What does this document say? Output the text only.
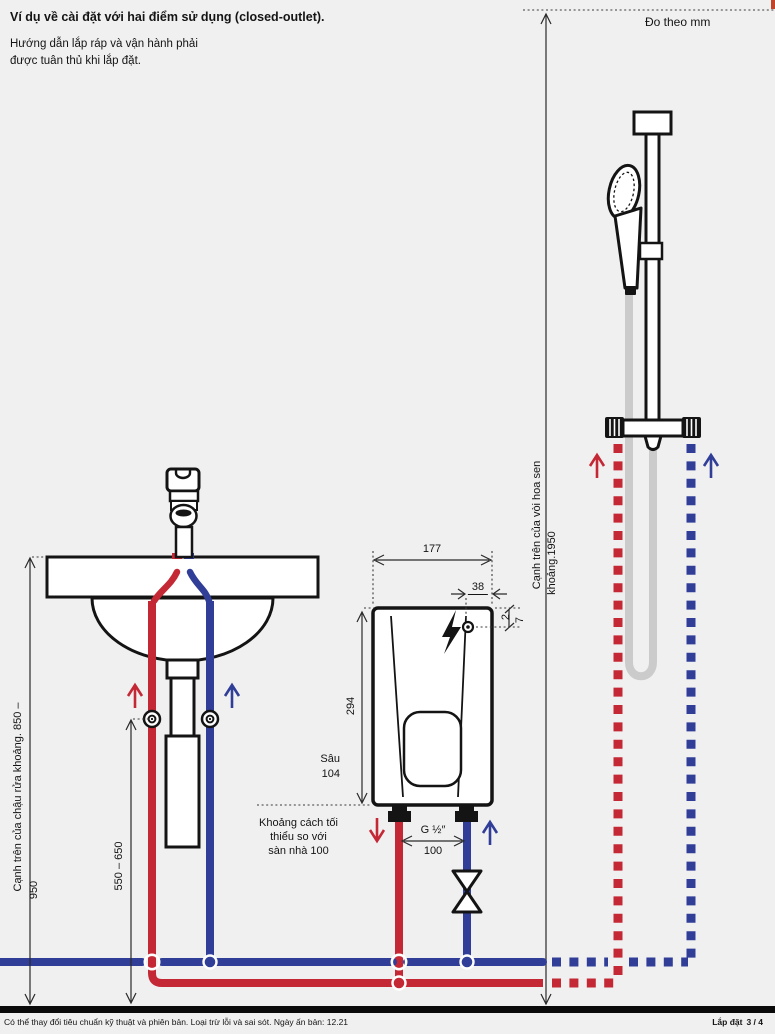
Ví dụ về cài đặt với hai điểm sử dụng (closed-outlet).
Hướng dẫn lắp ráp và vận hành phải
được tuân thủ khi lắp đặt.
Đo theo mm
177
38
294
2 7
Sâu
104
Khoảng cách tối
thiểu so với
sàn nhà 100
G ½″
100
Cạnh trên của chậu rửa khoảng. 850 – 950	550 – 650
Cạnh trên của vòi hoa sen khoảng.1950
Có thể thay đổi tiêu chuẩn kỹ thuật và phiên bản. Loại trừ lỗi và sai sót. Ngày ấn bản: 12.21	Lắp đặt 3 / 4
